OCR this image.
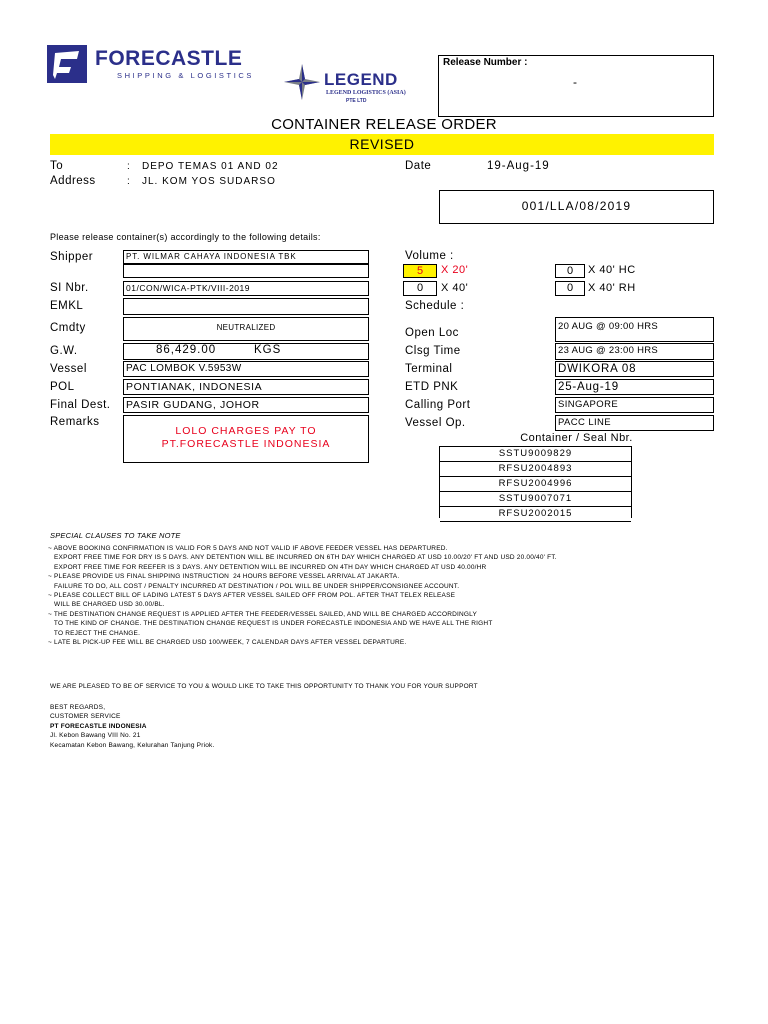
FORECASTLE
SHIPPING & LOGISTICS	LEGEND
LEGEND LOGISTICS (ASIA)
PTE LTD
Release Number :
-
CONTAINER RELEASE ORDER
REVISED
To	: DEPO TEMAS 01 AND 02
Address	: JL. KOM YOS SUDARSO
Date	19-Aug-19
001/LLA/08/2019
Please release container(s) accordingly to the following details:
Shipper	PT. WILMAR CAHAYA INDONESIA TBK
SI Nbr.	01/CON/WICA-PTK/VIII-2019
EMKL
Cmdty	NEUTRALIZED
G.W.	86,429.00	KGS
Vessel	PAC LOMBOK V.5953W
POL	PONTIANAK, INDONESIA
Final Dest. PASIR GUDANG, JOHOR
Remarks
LOLO CHARGES PAY TO
PT.FORECASTLE INDONESIA
Volume :
5	X 20'	0	X 40' HC
0	X 40'	0	X 40' RH
Schedule :
Open Loc
20 AUG @ 09:00 HRS
Clsg Time	23 AUG @ 23:00 HRS
Terminal	DWIKORA 08
ETD PNK	25-Aug-19
Calling Port	SINGAPORE
Vessel Op.	PACC LINE
Container / Seal Nbr.
SSTU9009829
RFSU2004893
RFSU2004996
SSTU9007071
RFSU2002015
SPECIAL CLAUSES TO TAKE NOTE
~ ABOVE BOOKING CONFIRMATION IS VALID FOR 5 DAYS AND NOT VALID IF ABOVE FEEDER VESSEL HAS DEPARTURED.
EXPORT FREE TIME FOR DRY IS 5 DAYS. ANY DETENTION WILL BE INCURRED ON 6TH DAY WHICH CHARGED AT USD 10.00/20' FT AND USD 20.00/40' FT.
EXPORT FREE TIME FOR REEFER IS 3 DAYS. ANY DETENTION WILL BE INCURRED ON 4TH DAY WHICH CHARGED AT USD 40.00/HR
~ PLEASE PROVIDE US FINAL SHIPPING INSTRUCTION  24 HOURS BEFORE VESSEL ARRIVAL AT JAKARTA.
FAILURE TO DO, ALL COST / PENALTY INCURRED AT DESTINATION / POL WILL BE UNDER SHIPPER/CONSIGNEE ACCOUNT.
~ PLEASE COLLECT BILL OF LADING LATEST 5 DAYS AFTER VESSEL SAILED OFF FROM POL. AFTER THAT TELEX RELEASE
WILL BE CHARGED USD 30.00/BL.
~ THE DESTINATION CHANGE REQUEST IS APPLIED AFTER THE FEEDER/VESSEL SAILED, AND WILL BE CHARGED ACCORDINGLY
TO THE KIND OF CHANGE. THE DESTINATION CHANGE REQUEST IS UNDER FORECASTLE INDONESIA AND WE HAVE ALL THE RIGHT
TO REJECT THE CHANGE.
~ LATE BL PICK-UP FEE WILL BE CHARGED USD 100/WEEK, 7 CALENDAR DAYS AFTER VESSEL DEPARTURE.
WE ARE PLEASED TO BE OF SERVICE TO YOU & WOULD LIKE TO TAKE THIS OPPORTUNITY TO THANK YOU FOR YOUR SUPPORT
BEST REGARDS,
CUSTOMER SERVICE
PT FORECASTLE INDONESIA
Jl. Kebon Bawang VIII No. 21
Kecamatan Kebon Bawang, Kelurahan Tanjung Priok.
